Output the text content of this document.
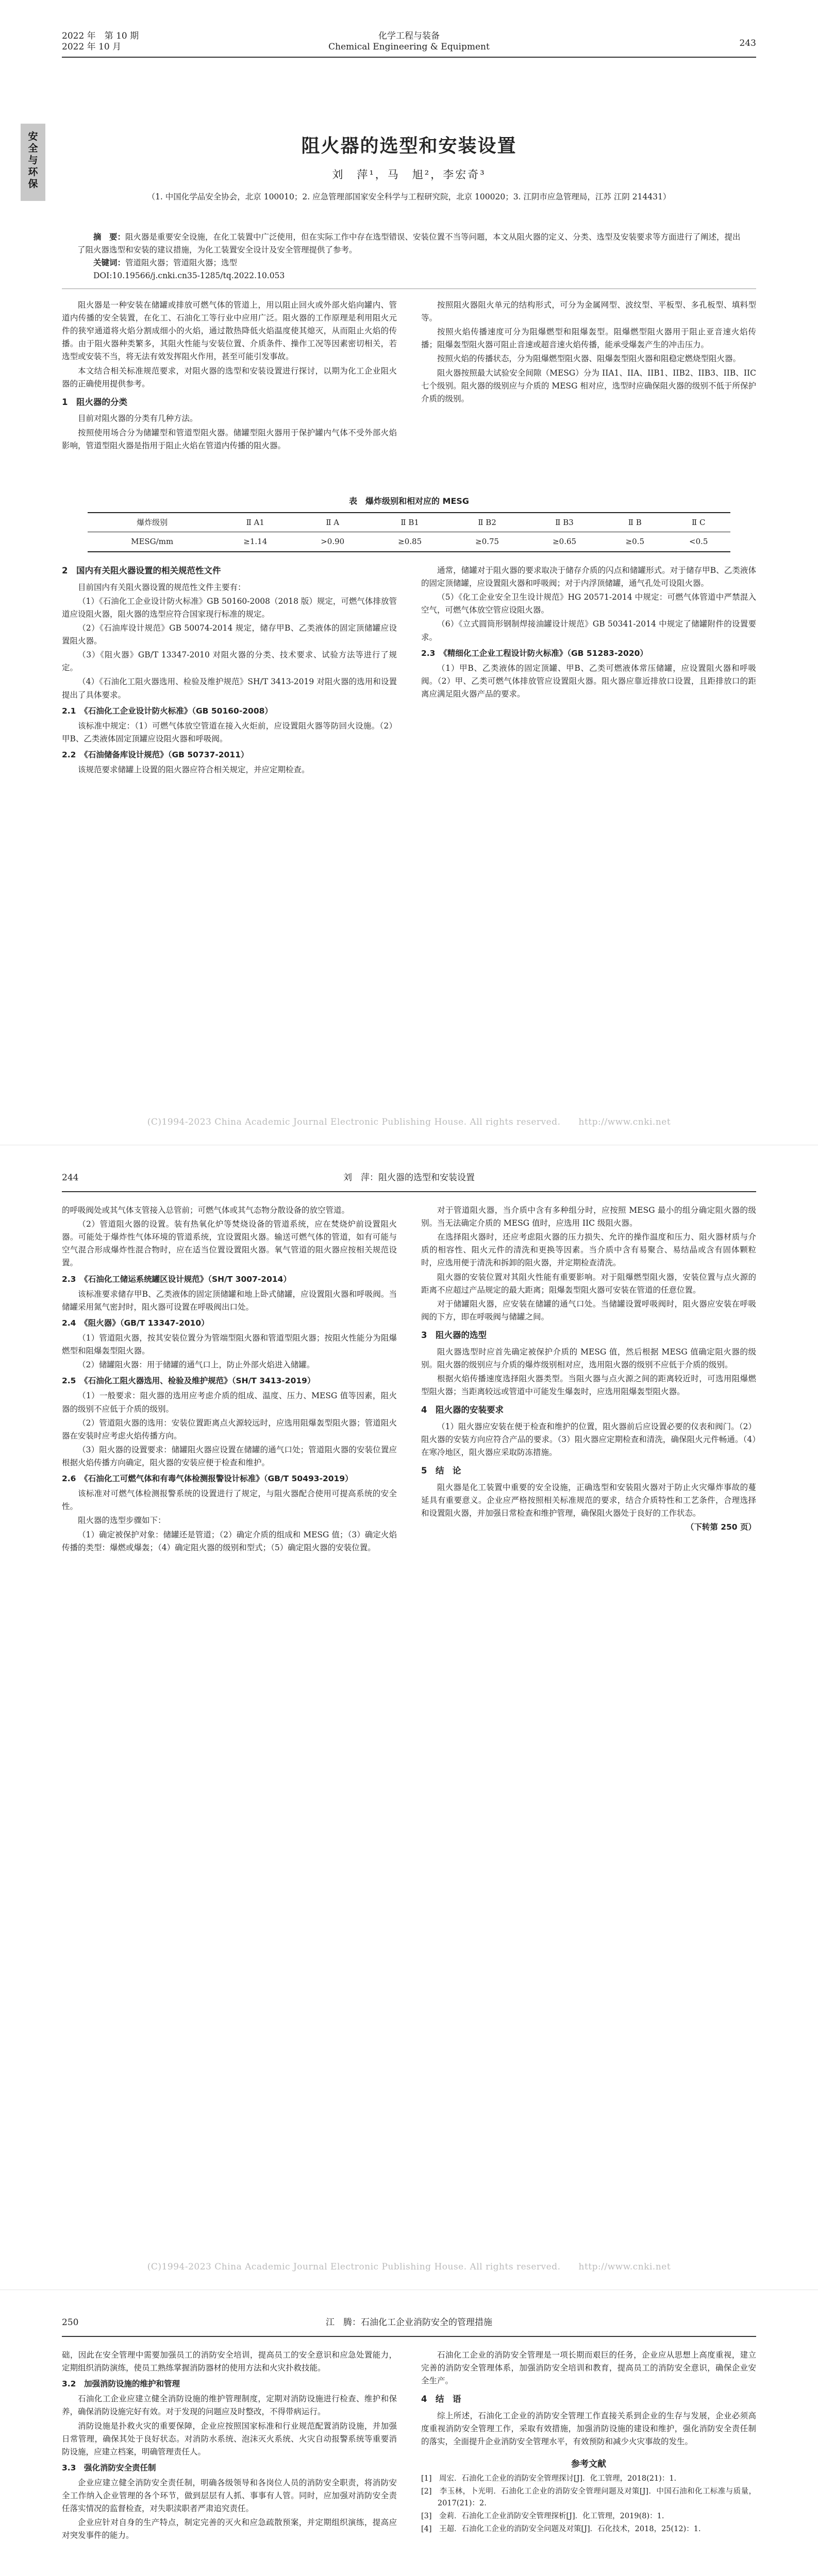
2022 年　第 10 期
2022 年 10 月
化学工程与装备
Chemical Engineering & Equipment	243
安
全
与
环
保
阻火器的选型和安装设置
刘　萍¹，马　旭²，李宏奇³
（1. 中国化学品安全协会，北京 100010；2. 应急管理部国家安全科学与工程研究院，北京 100020；3. 江阴市应急管理局，江苏 江阴 214431）

摘　要：阻火器是重要安全设施，在化工装置中广泛使用，但在实际工作中存在选型错误、安装位置不当等问题，本文从阻火器的定义、分类、选型及安装要求等方面进行了阐述，提出了阻火器选型和安装的建议措施，为化工装置安全设计及安全管理提供了参考。

关键词：管道阻火器；管道阻火器；选型

DOI:10.19566/j.cnki.cn35-1285/tq.2022.10.053

阻火器是一种安装在储罐或排放可燃气体的管道上，用以阻止回火或外部火焰向罐内、管道内传播的安全装置，在化工、石油化工等行业中应用广泛。阻火器的工作原理是利用阻火元件的狭窄通道将火焰分割成细小的火焰，通过散热降低火焰温度使其熄灭，从而阻止火焰的传播。由于阻火器种类繁多，其阻火性能与安装位置、介质条件、操作工况等因素密切相关，若选型或安装不当，将无法有效发挥阻火作用，甚至可能引发事故。

本文结合相关标准规范要求，对阻火器的选型和安装设置进行探讨，以期为化工企业阻火器的正确使用提供参考。

1　阻火器的分类

目前对阻火器的分类有几种方法。

按照使用场合分为储罐型和管道型阻火器。储罐型阻火器用于保护罐内气体不受外部火焰影响，管道型阻火器是指用于阻止火焰在管道内传播的阻火器。

按照阻火器阻火单元的结构形式，可分为金属网型、波纹型、平板型、多孔板型、填料型等。

按照火焰传播速度可分为阻爆燃型和阻爆轰型。阻爆燃型阻火器用于阻止亚音速火焰传播；阻爆轰型阻火器可阻止音速或超音速火焰传播，能承受爆轰产生的冲击压力。

按照火焰的传播状态，分为阻爆燃型阻火器、阻爆轰型阻火器和阻稳定燃烧型阻火器。

阻火器按照最大试验安全间隙（MESG）分为 IIA1、IIA、IIB1、IIB2、IIB3、IIB、IIC 七个级别。阻火器的级别应与介质的 MESG 相对应，选型时应确保阻火器的级别不低于所保护介质的级别。

表　爆炸级别和相对应的 MESG
爆炸级别	Ⅱ A1	Ⅱ A	Ⅱ B1	Ⅱ B2	Ⅱ B3	Ⅱ B	Ⅱ C
MESG/mm	≥1.14	>0.90	≥0.85	≥0.75	≥0.65	≥0.5	<0.5
2　国内有关阻火器设置的相关规范性文件

目前国内有关阻火器设置的规范性文件主要有：

（1）《石油化工企业设计防火标准》GB 50160-2008（2018 版）规定，可燃气体排放管道应设阻火器，阻火器的选型应符合国家现行标准的规定。

（2）《石油库设计规范》GB 50074-2014 规定，储存甲B、乙类液体的固定顶储罐应设置阻火器。

（3）《阻火器》GB/T 13347-2010 对阻火器的分类、技术要求、试验方法等进行了规定。

（4）《石油化工阻火器选用、检验及维护规范》SH/T 3413-2019 对阻火器的选用和设置提出了具体要求。

2.1　《石油化工企业设计防火标准》（GB 50160-2008）

该标准中规定：（1）可燃气体放空管道在接入火炬前，应设置阻火器等防回火设施。（2）甲B、乙类液体固定顶罐应设阻火器和呼吸阀。

2.2　《石油储备库设计规范》（GB 50737-2011）

该规范要求储罐上设置的阻火器应符合相关规定，并应定期检查。

通常，储罐对于阻火器的要求取决于储存介质的闪点和储罐形式。对于储存甲B、乙类液体的固定顶储罐，应设置阻火器和呼吸阀；对于内浮顶储罐，通气孔处可设阻火器。

（5）《化工企业安全卫生设计规范》HG 20571-2014 中规定：可燃气体管道中严禁混入空气，可燃气体放空管应设阻火器。

（6）《立式圆筒形钢制焊接油罐设计规范》GB 50341-2014 中规定了储罐附件的设置要求。

2.3　《精细化工企业工程设计防火标准》（GB 51283-2020）

（1）甲B、乙类液体的固定顶罐、甲B、乙类可燃液体常压储罐，应设置阻火器和呼吸阀。（2）甲、乙类可燃气体排放管应设置阻火器。阻火器应靠近排放口设置，且距排放口的距离应满足阻火器产品的要求。

(C)1994-2023 China Academic Journal Electronic Publishing House. All rights reserved.　　http://www.cnki.net
244	刘　萍：阻火器的选型和安装设置

的呼吸阀处或其气体支管接入总管前；可燃气体或其气态物分散设备的放空管道。

（2）管道阻火器的设置。装有热氧化炉等焚烧设备的管道系统，应在焚烧炉前设置阻火器。可能处于爆炸性气体环境的管道系统，宜设置阻火器。输送可燃气体的管道，如有可能与空气混合形成爆炸性混合物时，应在适当位置设置阻火器。氧气管道的阻火器应按相关规范设置。

2.3　《石油化工储运系统罐区设计规范》（SH/T 3007-2014）

该标准要求储存甲B、乙类液体的固定顶储罐和地上卧式储罐，应设置阻火器和呼吸阀。当储罐采用氮气密封时，阻火器可设置在呼吸阀出口处。

2.4　《阻火器》（GB/T 13347-2010）

（1）管道阻火器，按其安装位置分为管端型阻火器和管道型阻火器；按阻火性能分为阻爆燃型和阻爆轰型阻火器。

（2）储罐阻火器：用于储罐的通气口上，防止外部火焰进入储罐。

2.5　《石油化工阻火器选用、检验及维护规范》（SH/T 3413-2019）

（1）一般要求：阻火器的选用应考虑介质的组成、温度、压力、MESG 值等因素，阻火器的级别不应低于介质的级别。

（2）管道阻火器的选用：安装位置距离点火源较远时，应选用阻爆轰型阻火器；管道阻火器在安装时应考虑火焰传播方向。

（3）阻火器的设置要求：储罐阻火器应设置在储罐的通气口处；管道阻火器的安装位置应根据火焰传播方向确定，阻火器的安装应便于检查和维护。

2.6　《石油化工可燃气体和有毒气体检测报警设计标准》（GB/T 50493-2019）

该标准对可燃气体检测报警系统的设置进行了规定，与阻火器配合使用可提高系统的安全性。

阻火器的选型步骤如下：

（1）确定被保护对象：储罐还是管道；（2）确定介质的组成和 MESG 值；（3）确定火焰传播的类型：爆燃或爆轰；（4）确定阻火器的级别和型式；（5）确定阻火器的安装位置。

对于管道阻火器，当介质中含有多种组分时，应按照 MESG 最小的组分确定阻火器的级别。当无法确定介质的 MESG 值时，应选用 IIC 级阻火器。

在选择阻火器时，还应考虑阻火器的压力损失、允许的操作温度和压力、阻火器材质与介质的相容性、阻火元件的清洗和更换等因素。当介质中含有易聚合、易结晶或含有固体颗粒时，应选用便于清洗和拆卸的阻火器，并定期检查清洗。

阻火器的安装位置对其阻火性能有重要影响。对于阻爆燃型阻火器，安装位置与点火源的距离不应超过产品规定的最大距离；阻爆轰型阻火器可安装在管道的任意位置。

对于储罐阻火器，应安装在储罐的通气口处。当储罐设置呼吸阀时，阻火器应安装在呼吸阀的下方，即在呼吸阀与储罐之间。

3　阻火器的选型

阻火器选型时应首先确定被保护介质的 MESG 值，然后根据 MESG 值确定阻火器的级别。阻火器的级别应与介质的爆炸级别相对应，选用阻火器的级别不应低于介质的级别。

根据火焰传播速度选择阻火器类型。当阻火器与点火源之间的距离较近时，可选用阻爆燃型阻火器；当距离较远或管道中可能发生爆轰时，应选用阻爆轰型阻火器。

4　阻火器的安装要求

（1）阻火器应安装在便于检查和维护的位置，阻火器前后应设置必要的仪表和阀门。（2）阻火器的安装方向应符合产品的要求。（3）阻火器应定期检查和清洗，确保阻火元件畅通。（4）在寒冷地区，阻火器应采取防冻措施。

5　结　论

阻火器是化工装置中重要的安全设施，正确选型和安装阻火器对于防止火灾爆炸事故的蔓延具有重要意义。企业应严格按照相关标准规范的要求，结合介质特性和工艺条件，合理选择和设置阻火器，并加强日常检查和维护管理，确保阻火器处于良好的工作状态。

（下转第 250 页）

(C)1994-2023 China Academic Journal Electronic Publishing House. All rights reserved.　　http://www.cnki.net
250	江　腾：石油化工企业消防安全的管理措施

础，因此在安全管理中需要加强员工的消防安全培训，提高员工的安全意识和应急处置能力，定期组织消防演练，使员工熟练掌握消防器材的使用方法和火灾扑救技能。

3.2　加强消防设施的维护和管理

石油化工企业应建立健全消防设施的维护管理制度，定期对消防设施进行检查、维护和保养，确保消防设施完好有效。对于发现的问题应及时整改，不得带病运行。

消防设施是扑救火灾的重要保障，企业应按照国家标准和行业规范配置消防设施，并加强日常管理，确保其处于良好状态。对消防水系统、泡沫灭火系统、火灾自动报警系统等重要消防设施，应建立档案，明确管理责任人。

3.3　强化消防安全责任制

企业应建立健全消防安全责任制，明确各级领导和各岗位人员的消防安全职责，将消防安全工作纳入企业管理的各个环节，做到层层有人抓、事事有人管。同时，应加强对消防安全责任落实情况的监督检查，对失职渎职者严肃追究责任。

企业应针对自身的生产特点，制定完善的灭火和应急疏散预案，并定期组织演练，提高应对突发事件的能力。

石油化工企业的消防安全管理是一项长期而艰巨的任务，企业应从思想上高度重视，建立完善的消防安全管理体系，加强消防安全培训和教育，提高员工的消防安全意识，确保企业安全生产。

4　结　语

综上所述，石油化工企业的消防安全管理工作直接关系到企业的生存与发展，企业必须高度重视消防安全管理工作，采取有效措施，加强消防设施的建设和维护，强化消防安全责任制的落实，全面提升企业消防安全管理水平，有效预防和减少火灾事故的发生。

参考文献

[1]　周宏．石油化工企业的消防安全管理探讨[J]．化工管理，2018(21)：1.

[2]　李玉林，卜光明．石油化工企业的消防安全管理问题及对策[J]．中国石油和化工标准与质量，2017(21)：2.

[3]　金莉．石油化工企业消防安全管理探析[J]．化工管理，2019(8)：1.

[4]　王超．石油化工企业的消防安全问题及对策[J]．石化技术，2018，25(12)：1.
